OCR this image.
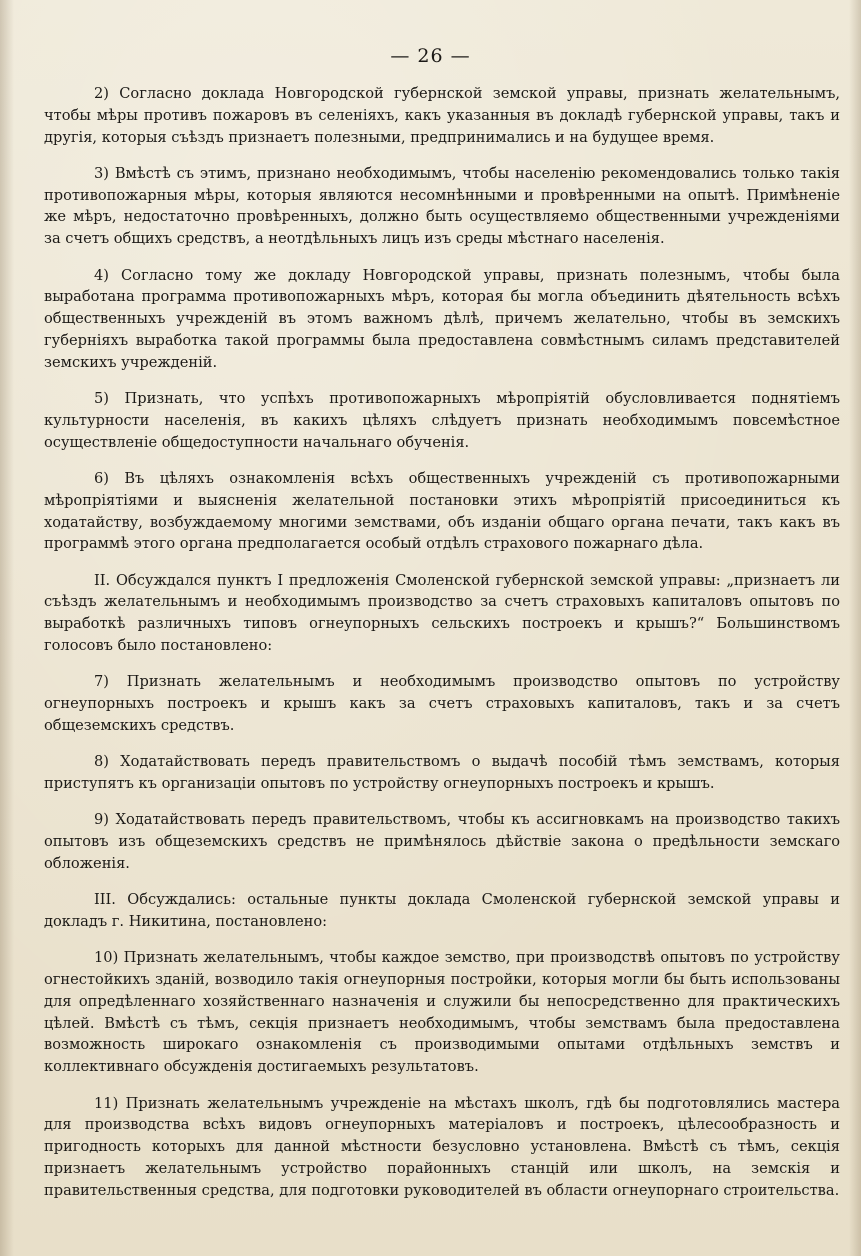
— 26 —

2) Согласно доклада Новгородской губернской земской управы, признать желательнымъ, чтобы мѣры противъ пожаровъ въ селеніяхъ, какъ указанныя въ докладѣ губернской управы, такъ и другія, которыя съѣздъ признаетъ полезными, предпринимались и на будущее время.

3) Вмѣстѣ съ этимъ, признано необходимымъ, чтобы населенію рекомендовались только такія противопожарныя мѣры, которыя являются несомнѣнными и провѣренными на опытѣ. Примѣненіе же мѣръ, недостаточно провѣренныхъ, должно быть осуществляемо общественными учрежденіями за счетъ общихъ средствъ, а неотдѣльныхъ лицъ изъ среды мѣстнаго населенія.

4) Согласно тому же докладу Новгородской управы, признать полезнымъ, чтобы была выработана программа противопожарныхъ мѣръ, которая бы могла объединить дѣятельность всѣхъ общественныхъ учрежденій въ этомъ важномъ дѣлѣ, причемъ желательно, чтобы въ земскихъ губерніяхъ выработка такой программы была предоставлена совмѣстнымъ силамъ представителей земскихъ учрежденій.

5) Признать, что успѣхъ противопожарныхъ мѣропріятій обусловливается поднятіемъ культурности населенія, въ какихъ цѣляхъ слѣдуетъ признать необходимымъ повсемѣстное осуществленіе общедоступности начальнаго обученія.

6) Въ цѣляхъ ознакомленія всѣхъ общественныхъ учрежденій съ противопожарными мѣропріятіями и выясненія желательной постановки этихъ мѣропріятій присоединиться къ ходатайству, возбуждаемому многими земствами, объ изданіи общаго органа печати, такъ какъ въ программѣ этого органа предполагается особый отдѣлъ страхового пожарнаго дѣла.

II. Обсуждался пунктъ I предложенія Смоленской губернской земской управы: „признаетъ ли съѣздъ желательнымъ и необходимымъ производство за счетъ страховыхъ капиталовъ опытовъ по выработкѣ различныхъ типовъ огнеупорныхъ сельскихъ построекъ и крышъ?“ Большинствомъ голосовъ было постановлено:

7) Признать желательнымъ и необходимымъ производство опытовъ по устройству огнеупорныхъ построекъ и крышъ какъ за счетъ страховыхъ капиталовъ, такъ и за счетъ общеземскихъ средствъ.

8) Ходатайствовать передъ правительствомъ о выдачѣ пособій тѣмъ земствамъ, которыя приступятъ къ организаціи опытовъ по устройству огнеупорныхъ построекъ и крышъ.

9) Ходатайствовать передъ правительствомъ, чтобы къ ассигновкамъ на производство такихъ опытовъ изъ общеземскихъ средствъ не примѣнялось дѣйствіе закона о предѣльности земскаго обложенія.

III. Обсуждались: остальные пункты доклада Смоленской губернской земской управы и докладъ г. Никитина, постановлено:

10) Признать желательнымъ, чтобы каждое земство, при производствѣ опытовъ по устройству огнестойкихъ зданій, возводило такія огнеупорныя постройки, которыя могли бы быть использованы для опредѣленнаго хозяйственнаго назначенія и служили бы непосредственно для практическихъ цѣлей. Вмѣстѣ съ тѣмъ, секція признаетъ необходимымъ, чтобы земствамъ была предоставлена возможность широкаго ознакомленія съ производимыми опытами отдѣльныхъ земствъ и коллективнаго обсужденія достигаемыхъ результатовъ.

11) Признать желательнымъ учрежденіе на мѣстахъ школъ, гдѣ бы подготовлялись мастера для производства всѣхъ видовъ огнеупорныхъ матеріаловъ и построекъ, цѣлесообразность и пригодность которыхъ для данной мѣстности безусловно установлена. Вмѣстѣ съ тѣмъ, секція признаетъ желательнымъ устройство порайонныхъ станцій или школъ, на земскія и правительственныя средства, для подготовки руководителей въ области огнеупорнаго строительства.
